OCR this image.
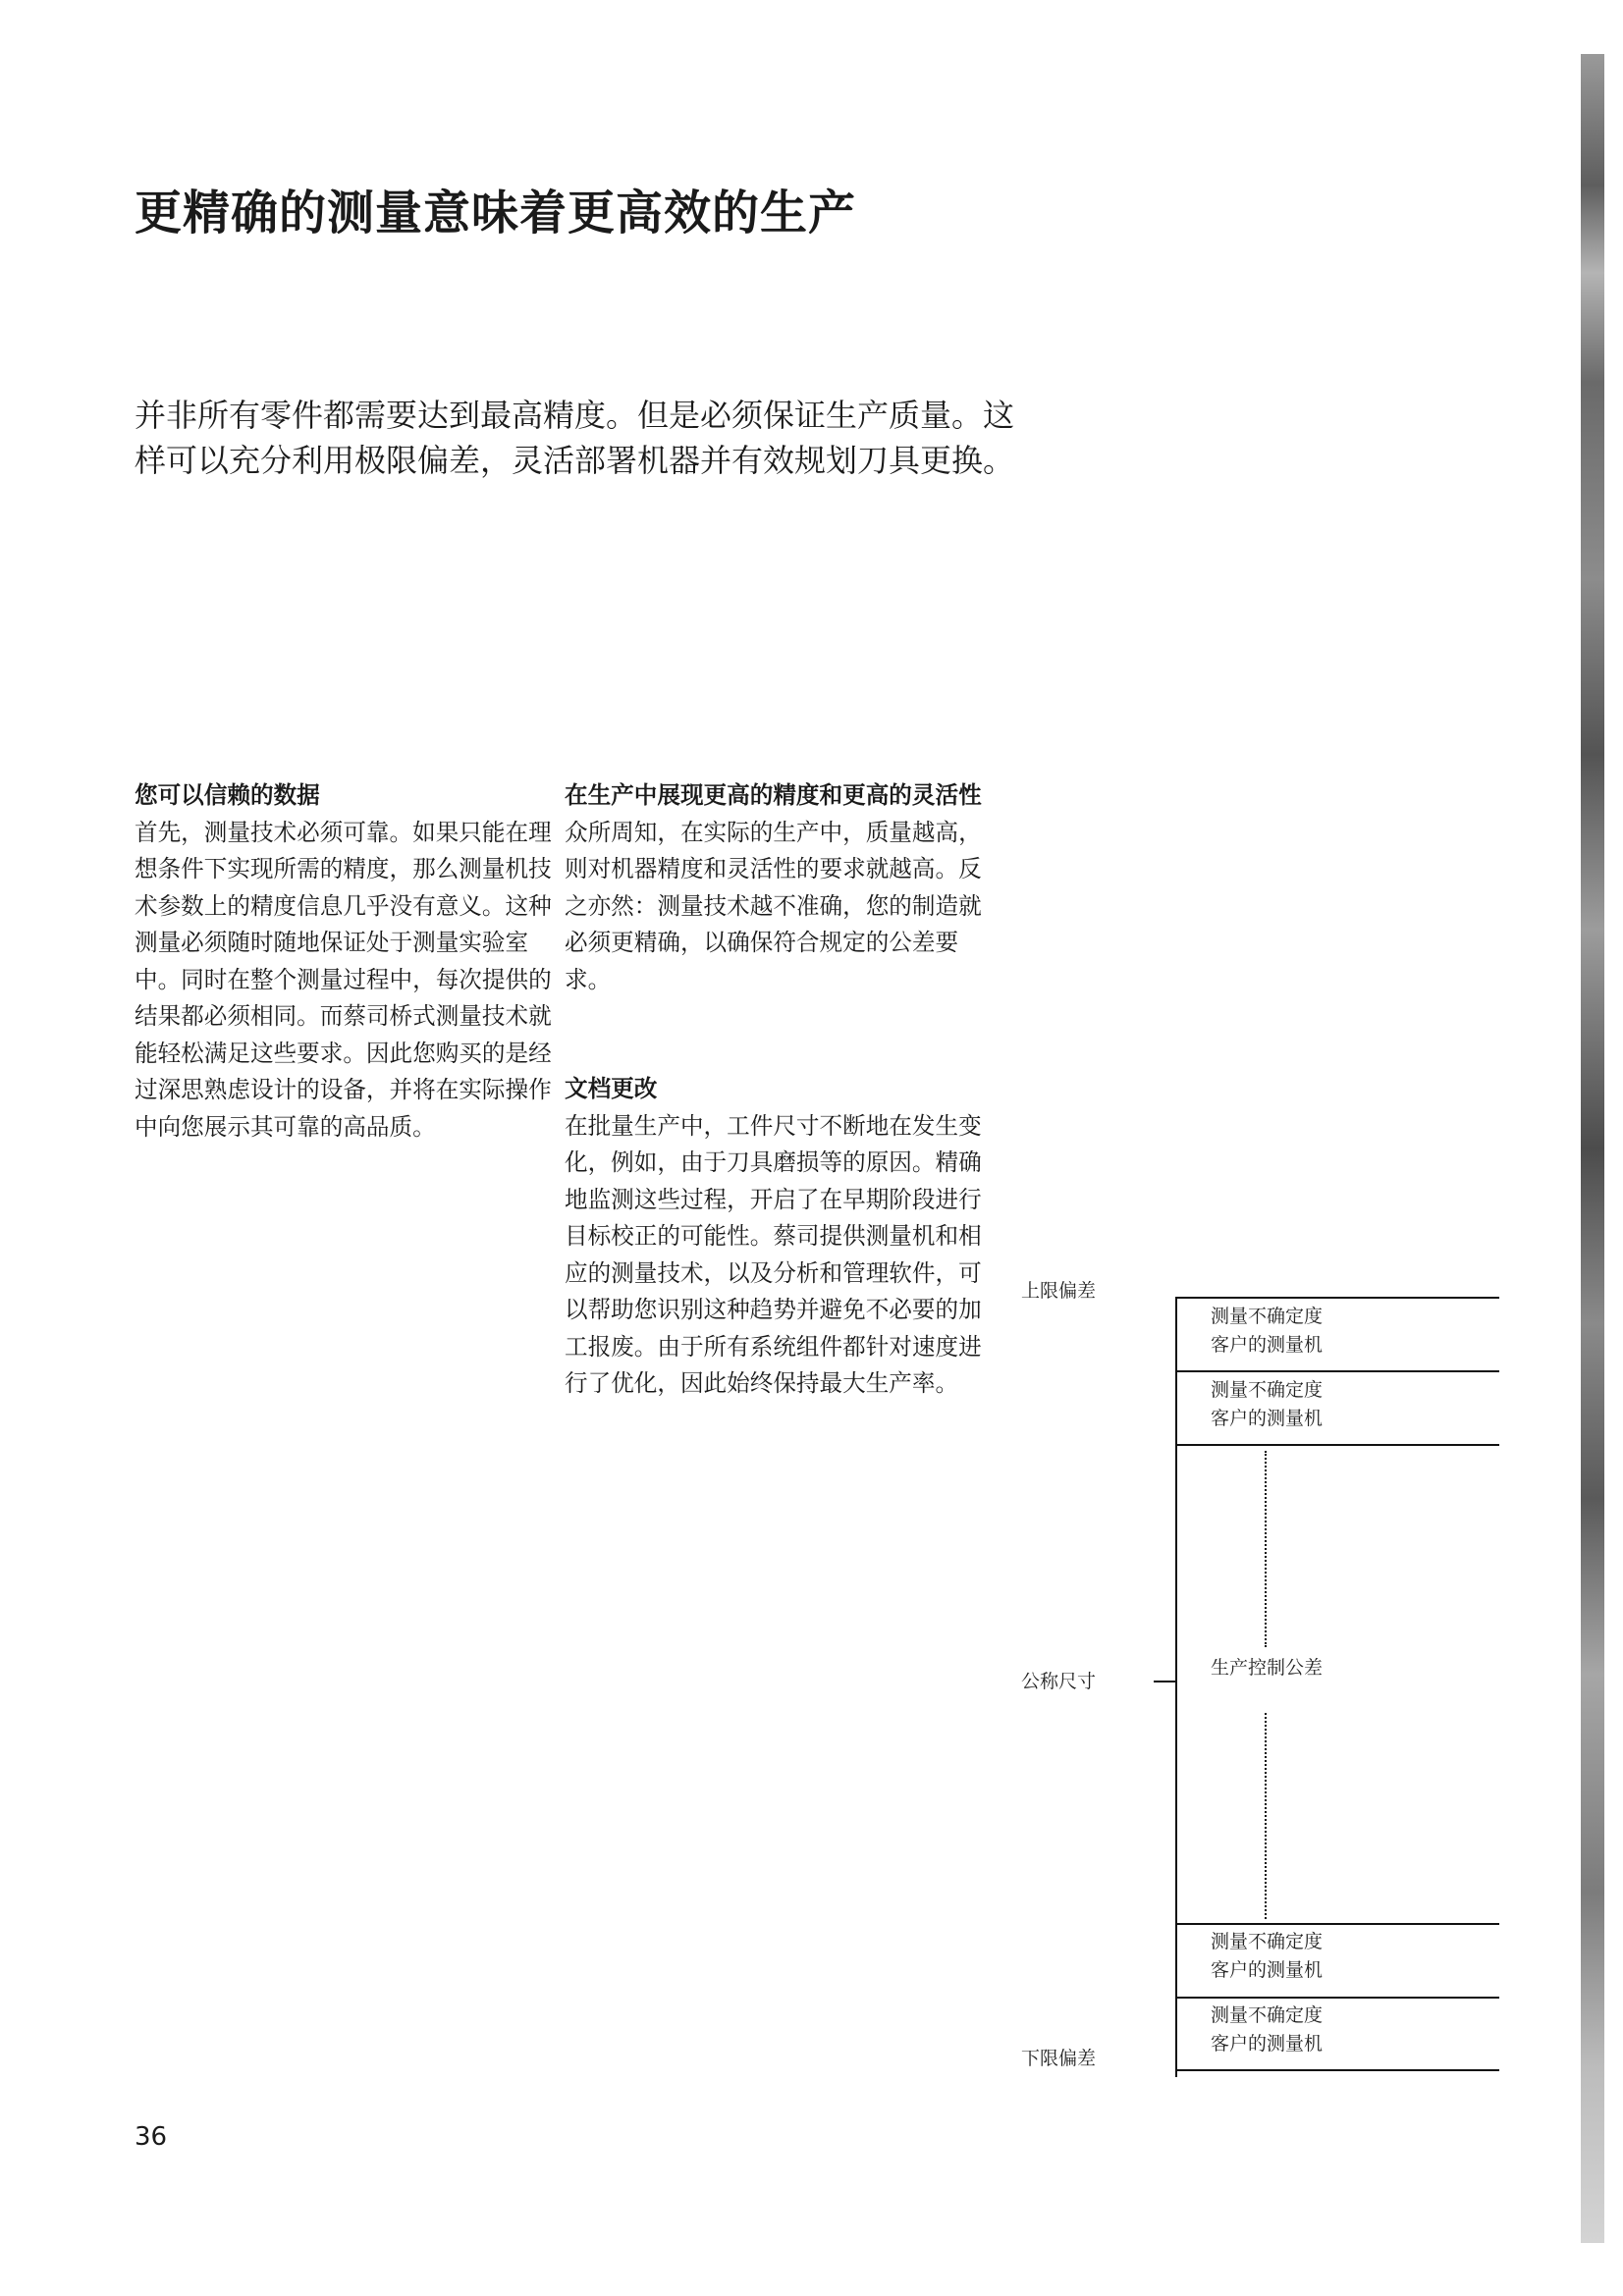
更精确的测量意味着更高效的生产

并非所有零件都需要达到最高精度。但是必须保证生产质量。这样可以充分利用极限偏差，灵活部署机器并有效规划刀具更换。

您可以信赖的数据

首先，测量技术必须可靠。如果只能在理想条件下实现所需的精度，那么测量机技术参数上的精度信息几乎没有意义。这种测量必须随时随地保证处于测量实验室中。同时在整个测量过程中，每次提供的结果都必须相同。而蔡司桥式测量技术就能轻松满足这些要求。因此您购买的是经过深思熟虑设计的设备，并将在实际操作中向您展示其可靠的高品质。

在生产中展现更高的精度和更高的灵活性

众所周知，在实际的生产中，质量越高，则对机器精度和灵活性的要求就越高。反之亦然：测量技术越不准确，您的制造就必须更精确，以确保符合规定的公差要求。

文档更改

在批量生产中，工件尺寸不断地在发生变化，例如，由于刀具磨损等的原因。精确地监测这些过程，开启了在早期阶段进行目标校正的可能性。蔡司提供测量机和相应的测量技术，以及分析和管理软件，可以帮助您识别这种趋势并避免不必要的加工报废。由于所有系统组件都针对速度进行了优化，因此始终保持最大生产率。

上限偏差
公称尺寸
下限偏差
测量不确定度
客户的测量机
测量不确定度
客户的测量机
生产控制公差
测量不确定度
客户的测量机
测量不确定度
客户的测量机
36
